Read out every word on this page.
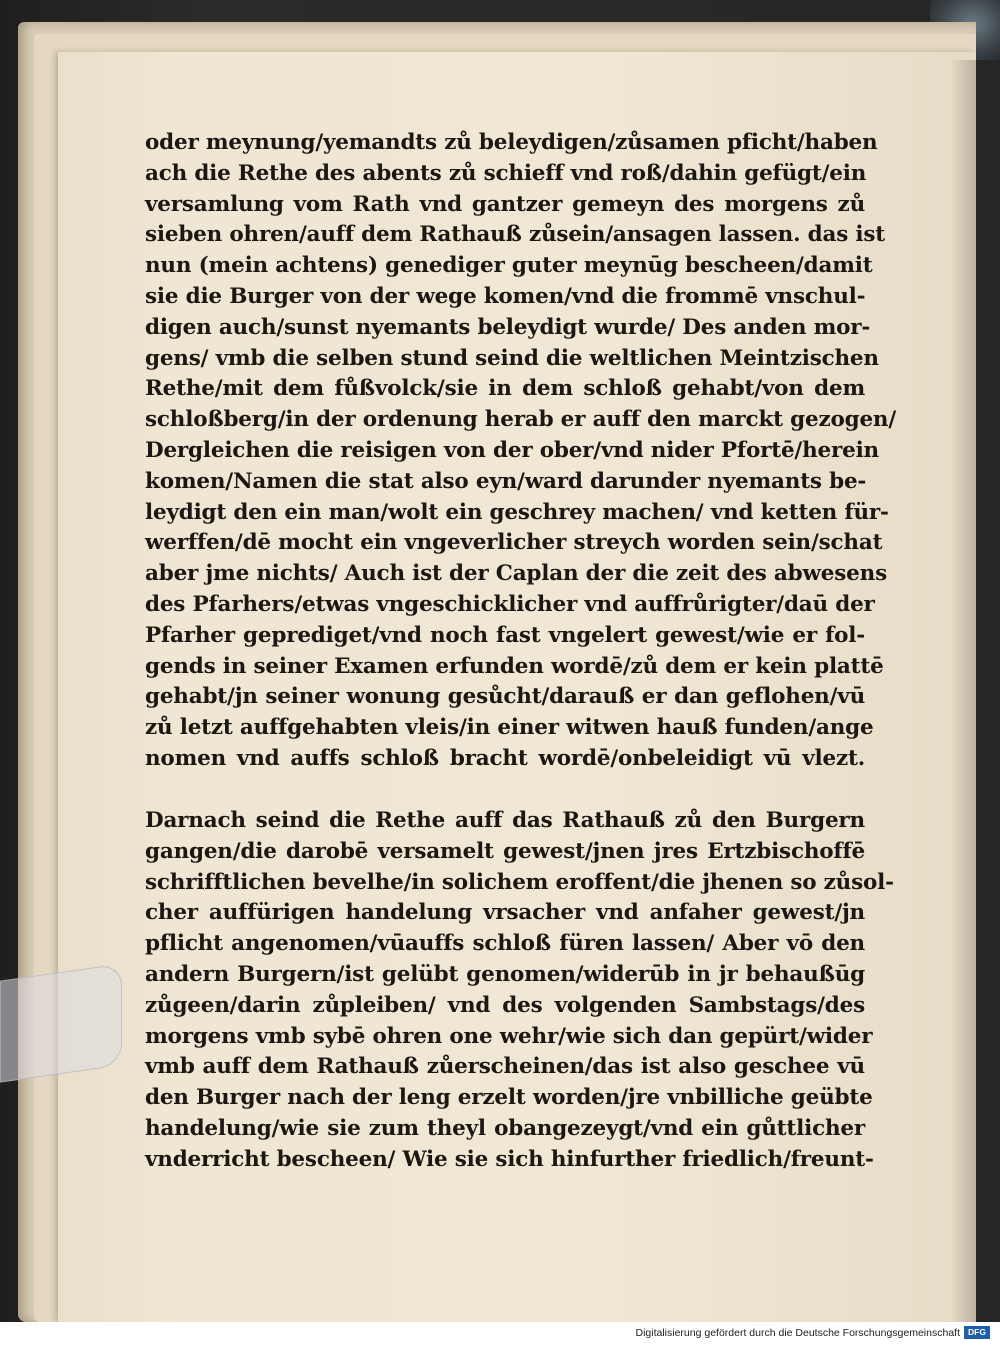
oder meynung/yemandts zů beleydigen/zůsamen pficht/haben
ach die Rethe des abents zů schieff vnd roß/dahin gefügt/ein
versamlung vom Rath vnd gantzer gemeyn des morgens zů
sieben ohren/auff dem Rathauß zůsein/ansagen lassen. das ist
nun (mein achtens) genediger guter meynūg bescheen/damit
sie die Burger von der wege komen/vnd die frommē vnschul-
digen auch/sunst nyemants beleydigt wurde/ Des anden mor-
gens/ vmb die selben stund seind die weltlichen Meintzischen
Rethe/mit dem fůßvolck/sie in dem schloß gehabt/von dem
schloßberg/in der ordenung herab er auff den marckt gezogen/
Dergleichen die reisigen von der ober/vnd nider Pfortē/herein
komen/Namen die stat also eyn/ward darunder nyemants be-
leydigt den ein man/wolt ein geschrey machen/ vnd ketten für-
werffen/dē mocht ein vngeverlicher streych worden sein/schat
aber jme nichts/ Auch ist der Caplan der die zeit des abwesens
des Pfarhers/etwas vngeschicklicher vnd auffrůrigter/daū der
Pfarher geprediget/vnd noch fast vngelert gewest/wie er fol-
gends in seiner Examen erfunden wordē/zů dem er kein plattē
gehabt/jn seiner wonung gesůcht/darauß er dan geflohen/vū
zů letzt auffgehabten vleis/in einer witwen hauß funden/ange
nomen vnd auffs schloß bracht wordē/onbeleidigt vū vlezt.
Darnach seind die Rethe auff das Rathauß zů den Burgern
gangen/die darobē versamelt gewest/jnen jres Ertzbischoffē
schrifftlichen bevelhe/in solichem eroffent/die jhenen so zůsol-
cher auffürigen handelung vrsacher vnd anfaher gewest/jn
pflicht angenomen/vūauffs schloß füren lassen/ Aber vō den
andern Burgern/ist gelübt genomen/widerūb in jr behaußūg
zůgeen/darin zůpleiben/ vnd des volgenden Sambstags/des
morgens vmb sybē ohren one wehr/wie sich dan gepürt/wider
vmb auff dem Rathauß zůerscheinen/das ist also geschee vū
den Burger nach der leng erzelt worden/jre vnbilliche geübte
handelung/wie sie zum theyl obangezeygt/vnd ein gůttlicher
vnderricht bescheen/ Wie sie sich hinfurther friedlich/freunt-
Digitalisierung gefördert durch die Deutsche Forschungsgemeinschaft DFG
